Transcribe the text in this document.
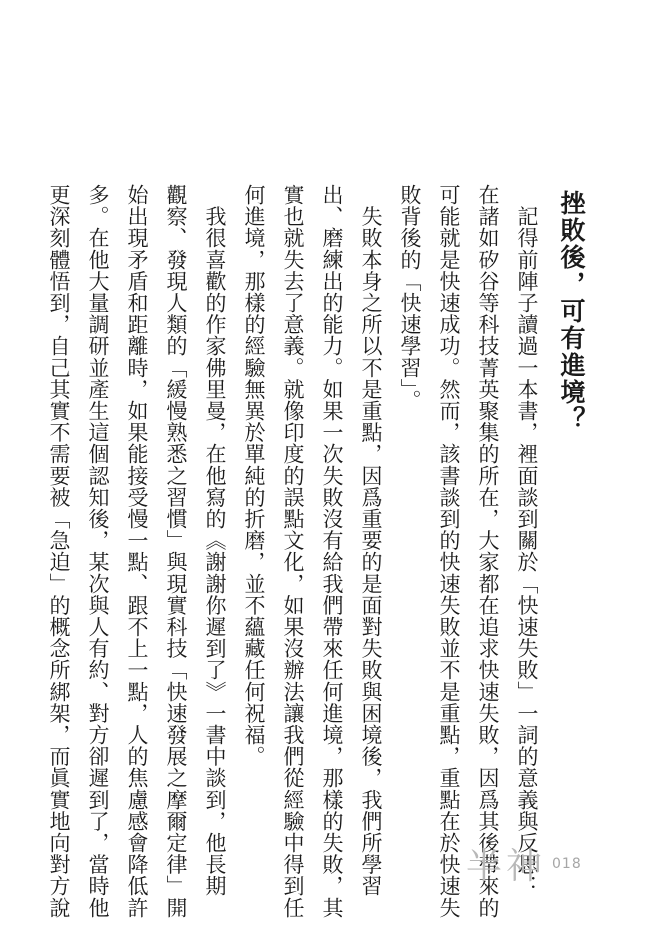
挫敗後，可有進境？
　記得前陣子讀過一本書，裡面談到關於「快速失敗」一詞的意義與反思：
在諸如矽谷等科技菁英聚集的所在，大家都在追求快速失敗，因爲其後帶來的
可能就是快速成功。然而，該書談到的快速失敗並不是重點，重點在於快速失
敗背後的「快速學習」。
　失敗本身之所以不是重點，因爲重要的是面對失敗與困境後，我們所學習
出、磨練出的能力。如果一次失敗沒有給我們帶來任何進境，那樣的失敗，其
實也就失去了意義。就像印度的誤點文化，如果沒辦法讓我們從經驗中得到任
何進境，那樣的經驗無異於單純的折磨，並不蘊藏任何祝福。
　我很喜歡的作家佛里曼，在他寫的《謝謝你遲到了》一書中談到，他長期
觀察、發現人類的「緩慢熟悉之習慣」與現實科技「快速發展之摩爾定律」開
始出現矛盾和距離時，如果能接受慢一點、跟不上一點，人的焦慮感會降低許
多。在他大量調研並產生這個認知後，某次與人有約、對方卻遲到了，當時他
更深刻體悟到，自己其實不需要被「急迫」的概念所綁架，而眞實地向對方說	半神 018
